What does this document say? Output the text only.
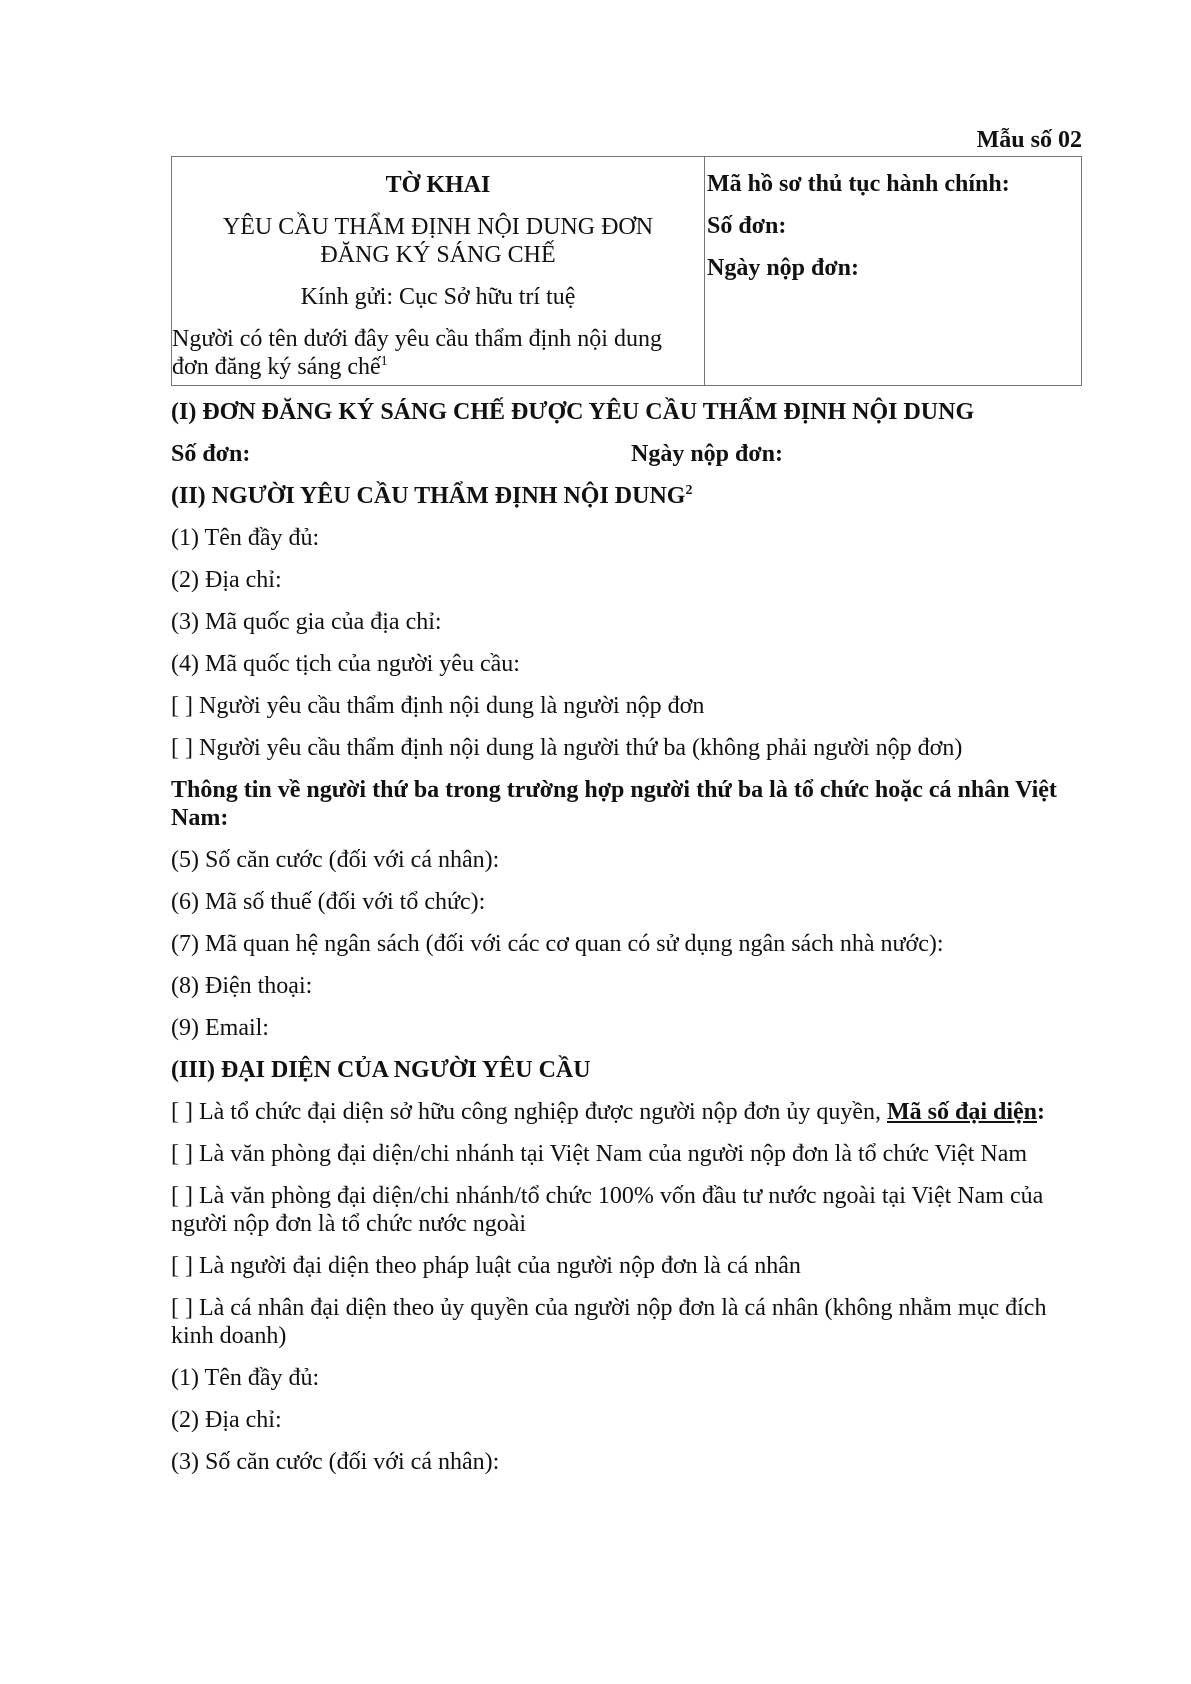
Mẫu số 02
TỜ KHAI
YÊU CẦU THẨM ĐỊNH NỘI DUNG ĐƠN ĐĂNG KÝ SÁNG CHẾ
Kính gửi: Cục Sở hữu trí tuệ
Người có tên dưới đây yêu cầu thẩm định nội dung đơn đăng ký sáng chế$^1$

Mã hồ sơ thủ tục hành chính:
Số đơn:
Ngày nộp đơn:
(I) ĐƠN ĐĂNG KÝ SÁNG CHẾ ĐƯỢC YÊU CẦU THẨM ĐỊNH NỘI DUNG
Số đơn:	Ngày nộp đơn:
(II) NGƯỜI YÊU CẦU THẨM ĐỊNH NỘI DUNG$^2$
(1) Tên đầy đủ:
(2) Địa chỉ:
(3) Mã quốc gia của địa chỉ:
(4) Mã quốc tịch của người yêu cầu:
[ ] Người yêu cầu thẩm định nội dung là người nộp đơn
[ ] Người yêu cầu thẩm định nội dung là người thứ ba (không phải người nộp đơn)
Thông tin về người thứ ba trong trường hợp người thứ ba là tổ chức hoặc cá nhân Việt Nam:
(5) Số căn cước (đối với cá nhân):
(6) Mã số thuế (đối với tổ chức):
(7) Mã quan hệ ngân sách (đối với các cơ quan có sử dụng ngân sách nhà nước):
(8) Điện thoại:
(9) Email:
(III) ĐẠI DIỆN CỦA NGƯỜI YÊU CẦU
[ ] Là tổ chức đại diện sở hữu công nghiệp được người nộp đơn ủy quyền, Mã số đại diện:
[ ] Là văn phòng đại diện/chi nhánh tại Việt Nam của người nộp đơn là tổ chức Việt Nam
[ ] Là văn phòng đại diện/chi nhánh/tổ chức 100% vốn đầu tư nước ngoài tại Việt Nam của người nộp đơn là tổ chức nước ngoài
[ ] Là người đại diện theo pháp luật của người nộp đơn là cá nhân
[ ] Là cá nhân đại diện theo ủy quyền của người nộp đơn là cá nhân (không nhằm mục đích kinh doanh)
(1) Tên đầy đủ:
(2) Địa chỉ:
(3) Số căn cước (đối với cá nhân):
